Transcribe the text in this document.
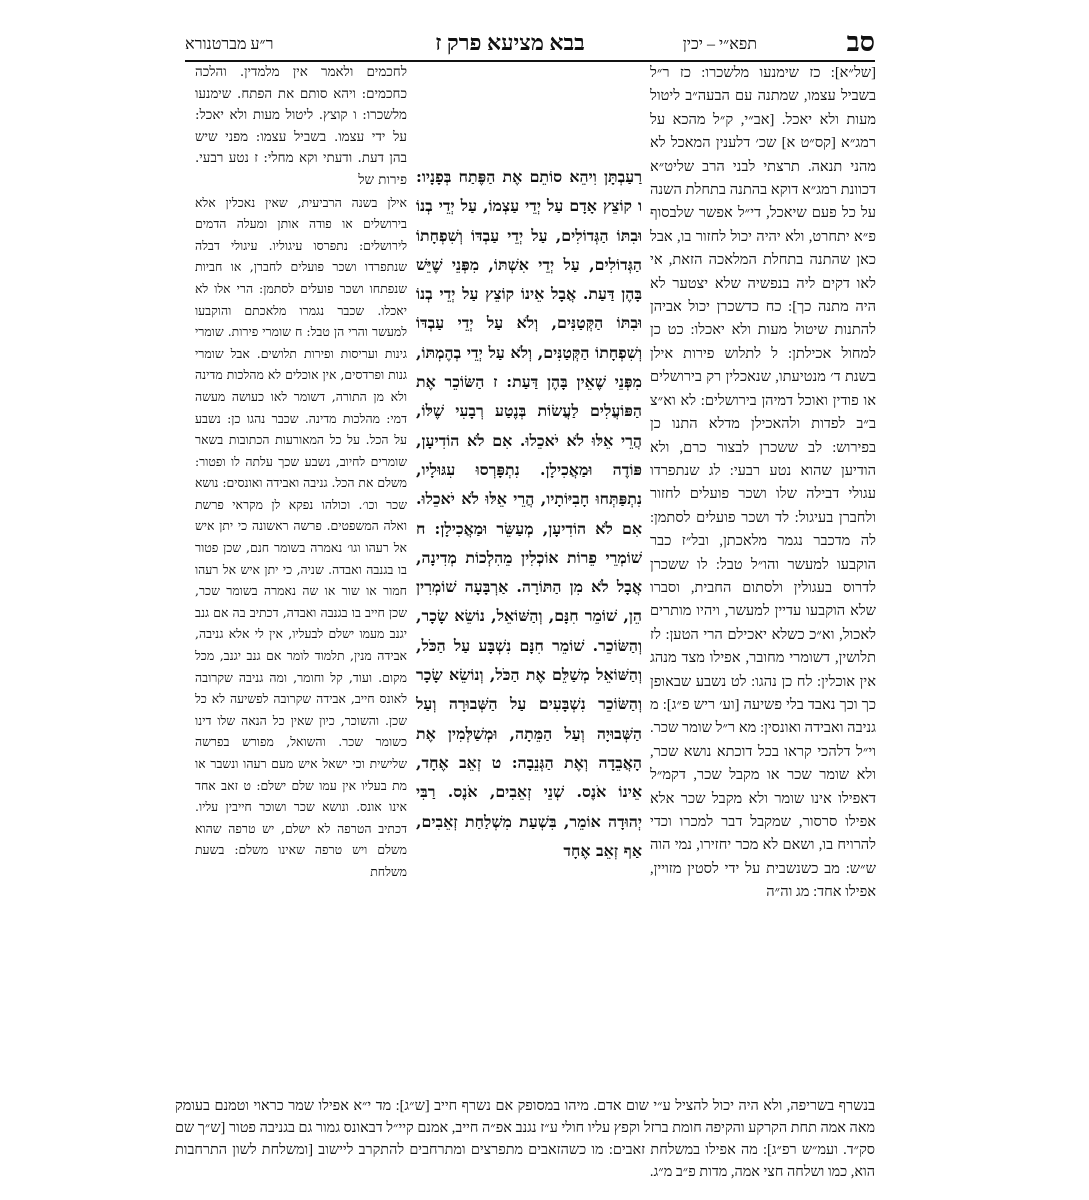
סב
תפא״י – יכין
בבא מציעא פרק ז
ר״ע מברטנורא

[של״א]: כז שימנעו מלשכרו: כז ר״ל בשביל עצמו, שמתנה עם הבעה״ב ליטול מעות ולא יאכל. [אב״י, ק״ל מהכא על רמג״א [קס״ט א] שכ׳ דלענין המאכל לא מהני תנאה. תרצתי לבני הרב שליט״א דכוונת רמג״א דוקא בהתנה בתחלת השנה על כל פעם שיאכל, די״ל אפשר שלבסוף פ״א יתחרט, ולא יהיה יכול לחזור בו, אבל כאן שהתנה בתחלת המלאכה הזאת, אי לאו דקים ליה בנפשיה שלא יצטער לא היה מתנה כך]: כח כדשכרן יכול אביהן להתנות שיטול מעות ולא יאכלו: כט כן למחול אכילתן: ל לתלוש פירות אילן בשנת ד׳ מנטיעתו, שנאכלין רק בירושלים או פודין ואוכל דמיהן בירושלים: לא וא״צ ב״ב לפדות ולהאכילן מדלא התנו כן בפירוש: לב ששכרן לבצור כרם, ולא הודיען שהוא נטע רבעי: לג שנתפרדו עגולי דבילה שלו ושכר פועלים לחזור ולחברן בעיגול: לד ושכר פועלים לסתמן: לה מדכבר נגמר מלאכתן, ובל״ז כבר הוקבעו למעשר והו״ל טבל: לו ששכרן לדרוס בעגולין ולסתום החבית, וסברו שלא הוקבעו עדיין למעשר, ויהיו מותרים לאכול, וא״כ כשלא יאכילם הרי הטען: לז תלושין, דשומרי מחובר, אפילו מצד מנהג אין אוכלין: לח כן נהגו: לט נשבע שבאופן כך וכך נאבד בלי פשיעה [וע׳ ריש פ״ג]: מ גניבה ואבידה ואונסין: מא ר״ל שומר שכר. וי״ל דלהכי קראו בכל דוכתא נושא שכר, ולא שומר שכר או מקבל שכר, דקמ״ל דאפילו אינו שומר ולא מקבל שכר אלא אפילו סרסור, שמקבל דבר למכרו וכדי להרויח בו, ושאם לא מכר יחזירו, נמי הוה ש״ש: מב כשנשבית על ידי לסטין מזויין, אפילו אחד: מג וה״ה

רַעַבְתָּן וִיהֵא סוֹתֵם אֶת הַפֶּתַח בְּפָנָיו: ו קוֹצֵץ אָדָם עַל יְדֵי עַצְמוֹ, עַל יְדֵי בְנוֹ וּבִתּוֹ הַגְּדוֹלִים, עַל יְדֵי עַבְדּוֹ וְשִׁפְחָתוֹ הַגְּדוֹלִים, עַל יְדֵי אִשְׁתּוֹ, מִפְּנֵי שֶׁיֵּשׁ בָּהֶן דַּעַת. אֲבָל אֵינוֹ קוֹצֵץ עַל יְדֵי בְנוֹ וּבִתּוֹ הַקְּטַנִּים, וְלֹא עַל יְדֵי עַבְדּוֹ וְשִׁפְחָתוֹ הַקְּטַנִּים, וְלֹא עַל יְדֵי בְהֶמְתּוֹ, מִפְּנֵי שֶׁאֵין בָּהֶן דַּעַת: ז הַשּׂוֹכֵר אֶת הַפּוֹעֲלִים לַעֲשׂוֹת בְּנֶטַע רְבָעִי שֶׁלּוֹ, הֲרֵי אֵלּוּ לֹא יֹאכֵלוּ. אִם לֹא הוֹדִיעָן, פּוֹדֶה וּמַאֲכִילָן. נִתְפָּרְסוּ עִגּוּלָיו, נִתְפַּתְּחוּ חָבִיּוֹתָיו, הֲרֵי אֵלּוּ לֹא יֹאכֵלוּ. אִם לֹא הוֹדִיעָן, מְעַשֵּׂר וּמַאֲכִילָן: ח שׁוֹמְרֵי פֵרוֹת אוֹכְלִין מֵהִלְכוֹת מְדִינָה, אֲבָל לֹא מִן הַתּוֹרָה. אַרְבָּעָה שׁוֹמְרִין הֵן, שׁוֹמֵר חִנָּם, וְהַשּׁוֹאֵל, נוֹשֵׂא שָׂכָר, וְהַשּׂוֹכֵר. שׁוֹמֵר חִנָּם נִשְׁבָּע עַל הַכֹּל, וְהַשּׁוֹאֵל מְשַׁלֵּם אֶת הַכֹּל, וְנוֹשֵׂא שָׂכָר וְהַשּׂוֹכֵר נִשְׁבָּעִים עַל הַשְּׁבוּרָה וְעַל הַשְּׁבוּיָה וְעַל הַמֵּתָה, וּמְשַׁלְּמִין אֶת הָאֲבֵדָה וְאֶת הַגְּנֵבָה: ט זְאֵב אֶחָד, אֵינוֹ אֹנֶס. שְׁנֵי זְאֵבִים, אֹנֶס. רַבִּי יְהוּדָה אוֹמֵר, בִּשְׁעַת מִשְׁלַחַת זְאֵבִים, אַף זְאֵב אֶחָד

לחכמים ולאמר אין מלמדין. והלכה כחכמים: ויהא סותם את הפתח. שימנעו מלשכרו: ו קוצץ. ליטול מעות ולא יאכל: על ידי עצמו. בשביל עצמו: מפני שיש בהן דעת. ודעתי וקא מחלי: ז נטע רבעי. פירות של

אילן בשנה הרביעית, שאין נאכלין אלא בירושלים או פודה אותן ומעלה הדמים לירושלים: נתפרסו עיגוליו. עיגולי דבלה שנתפרדו ושכר פועלים לחברן, או חביות שנפתחו ושכר פועלים לסתמן: הרי אלו לא יאכלו. שכבר נגמרו מלאכתם והוקבעו למעשר והרי הן טבל: ח שומרי פירות. שומרי גינות ועריסות ופירות תלושים. אבל שומרי גנות ופרדסים, אין אוכלים לא מהלכות מדינה ולא מן התורה, דשומר לאו כעושה מעשה דמי: מהלכות מדינה. שכבר נהגו כן: נשבע על הכל. על כל המאורעות הכתובות בשאר שומרים לחיוב, נשבע שכך עלתה לו ופטור: משלם את הכל. גניבה ואבידה ואונסים: נושא שכר וכו׳. וכולהו נפקא לן מקראי פרשת ואלה המשפטים. פרשה ראשונה כי יתן איש אל רעהו וגו׳ נאמרה בשומר חנם, שכן פטור בו בגנבה ואבדה. שניה, כי יתן איש אל רעהו חמור או שור או שה נאמרה בשומר שכר, שכן חייב בו בגנבה ואבדה, דכתיב בה אם גנב יגנב מעמו ישלם לבעליו, אין לי אלא גניבה, אבידה מנין, תלמוד לומר אם גנב יגנב, מכל מקום. ועוד, קל וחומר, ומה גניבה שקרובה לאונס חייב, אבידה שקרובה לפשיעה לא כל שכן. והשוכר, כיון שאין כל הנאה שלו דינו כשומר שכר. והשואל, מפורש בפרשה שלישית וכי ישאל איש מעם רעהו ונשבר או מת בעליו אין עמו שלם ישלם: ט זאב אחד אינו אונס. ונושא שכר ושוכר חייבין עליו. דכתיב הטרפה לא ישלם, יש טרפה שהוא משלם ויש טרפה שאינו משלם: בשעת משלחת

בנשרף בשריפה, ולא היה יכול להציל ע״י שום אדם. מיהו במסופק אם נשרף חייב [ש״ג]: מד י״א אפילו שמר כראוי וטמנם בעומק מאה אמה תחת הקרקע והקיפה חומת ברזל וקפץ עליו חולי ע״ז נגנב אפ״ה חייב, אמנם קיי״ל דבאונס גמור גם בגניבה פטור [ש״ך שם סק״ד. ועמ״ש רפ״ג]: מה אפילו במשלחת זאבים: מו כשהזאבים מתפרצים ומתרחבים להתקרב ליישוב [ומשלחת לשון התרחבות הוא, כמו ושלחה חצי אמה, מדות פ״ב מ״ג.
